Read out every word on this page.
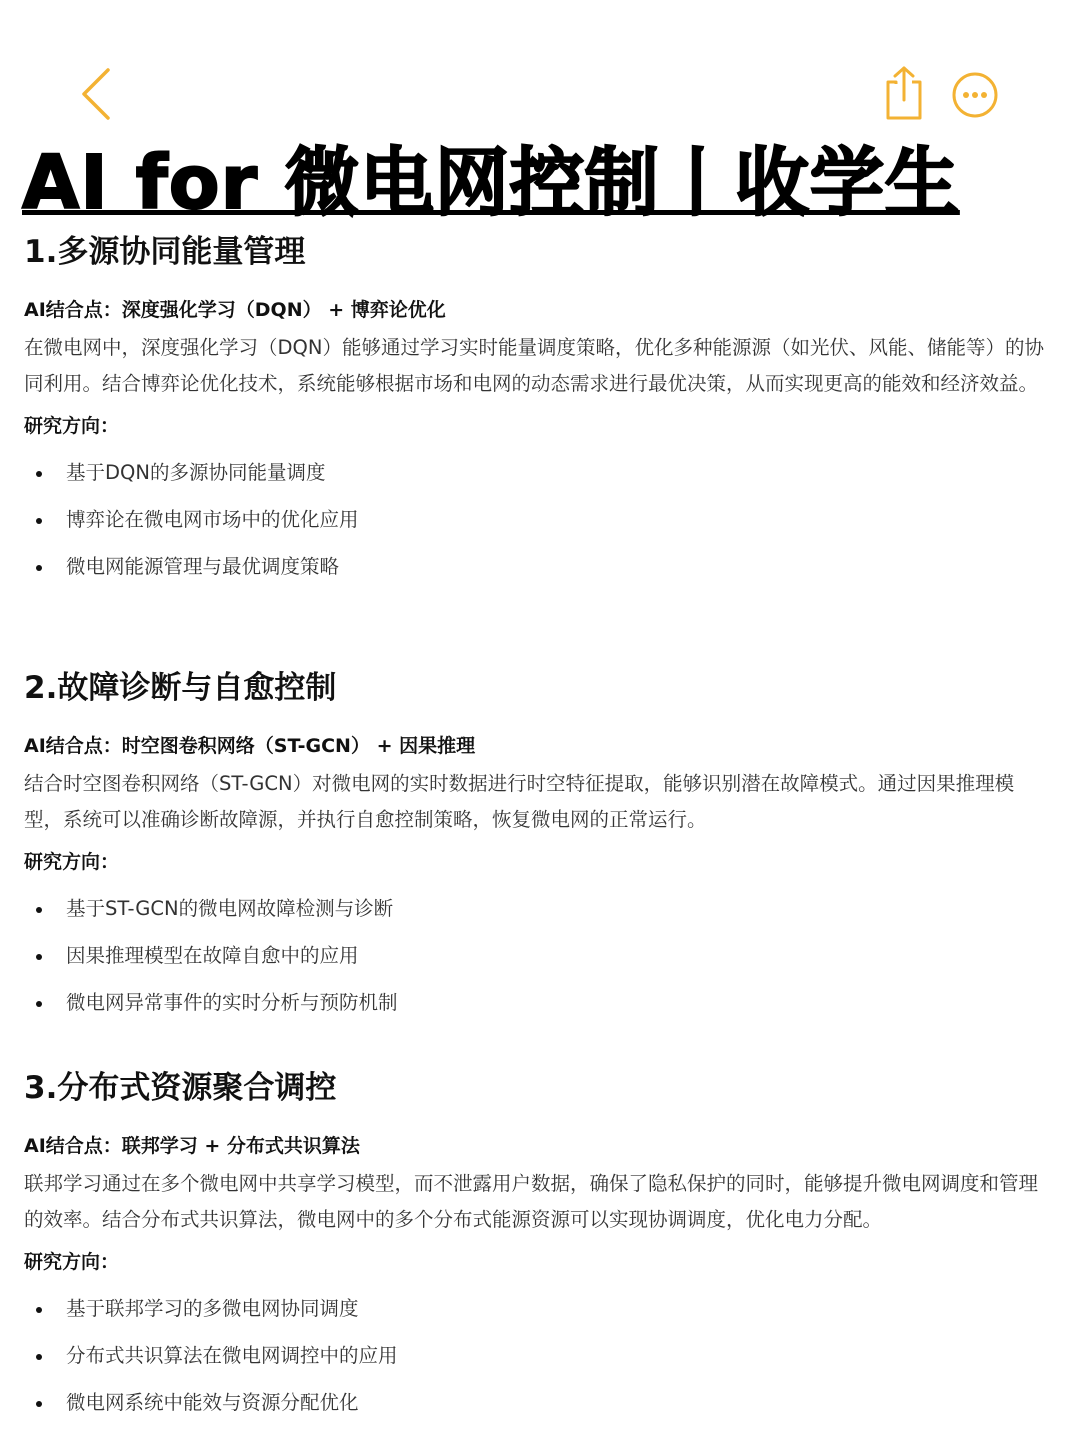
AI for 微电网控制丨收学生
1.多源协同能量管理
AI结合点：深度强化学习（DQN） + 博弈论优化
在微电网中，深度强化学习（DQN）能够通过学习实时能量调度策略，优化多种能源源（如光伏、风能、储能等）的协同利用。结合博弈论优化技术，系统能够根据市场和电网的动态需求进行最优决策，从而实现更高的能效和经济效益。
研究方向：
基于DQN的多源协同能量调度
博弈论在微电网市场中的优化应用
微电网能源管理与最优调度策略
2.故障诊断与自愈控制
AI结合点：时空图卷积网络（ST-GCN） + 因果推理
结合时空图卷积网络（ST-GCN）对微电网的实时数据进行时空特征提取，能够识别潜在故障模式。通过因果推理模型，系统可以准确诊断故障源，并执行自愈控制策略，恢复微电网的正常运行。
研究方向：
基于ST-GCN的微电网故障检测与诊断
因果推理模型在故障自愈中的应用
微电网异常事件的实时分析与预防机制
3.分布式资源聚合调控
AI结合点：联邦学习 + 分布式共识算法
联邦学习通过在多个微电网中共享学习模型，而不泄露用户数据，确保了隐私保护的同时，能够提升微电网调度和管理的效率。结合分布式共识算法，微电网中的多个分布式能源资源可以实现协调调度，优化电力分配。
研究方向：
基于联邦学习的多微电网协同调度
分布式共识算法在微电网调控中的应用
微电网系统中能效与资源分配优化
